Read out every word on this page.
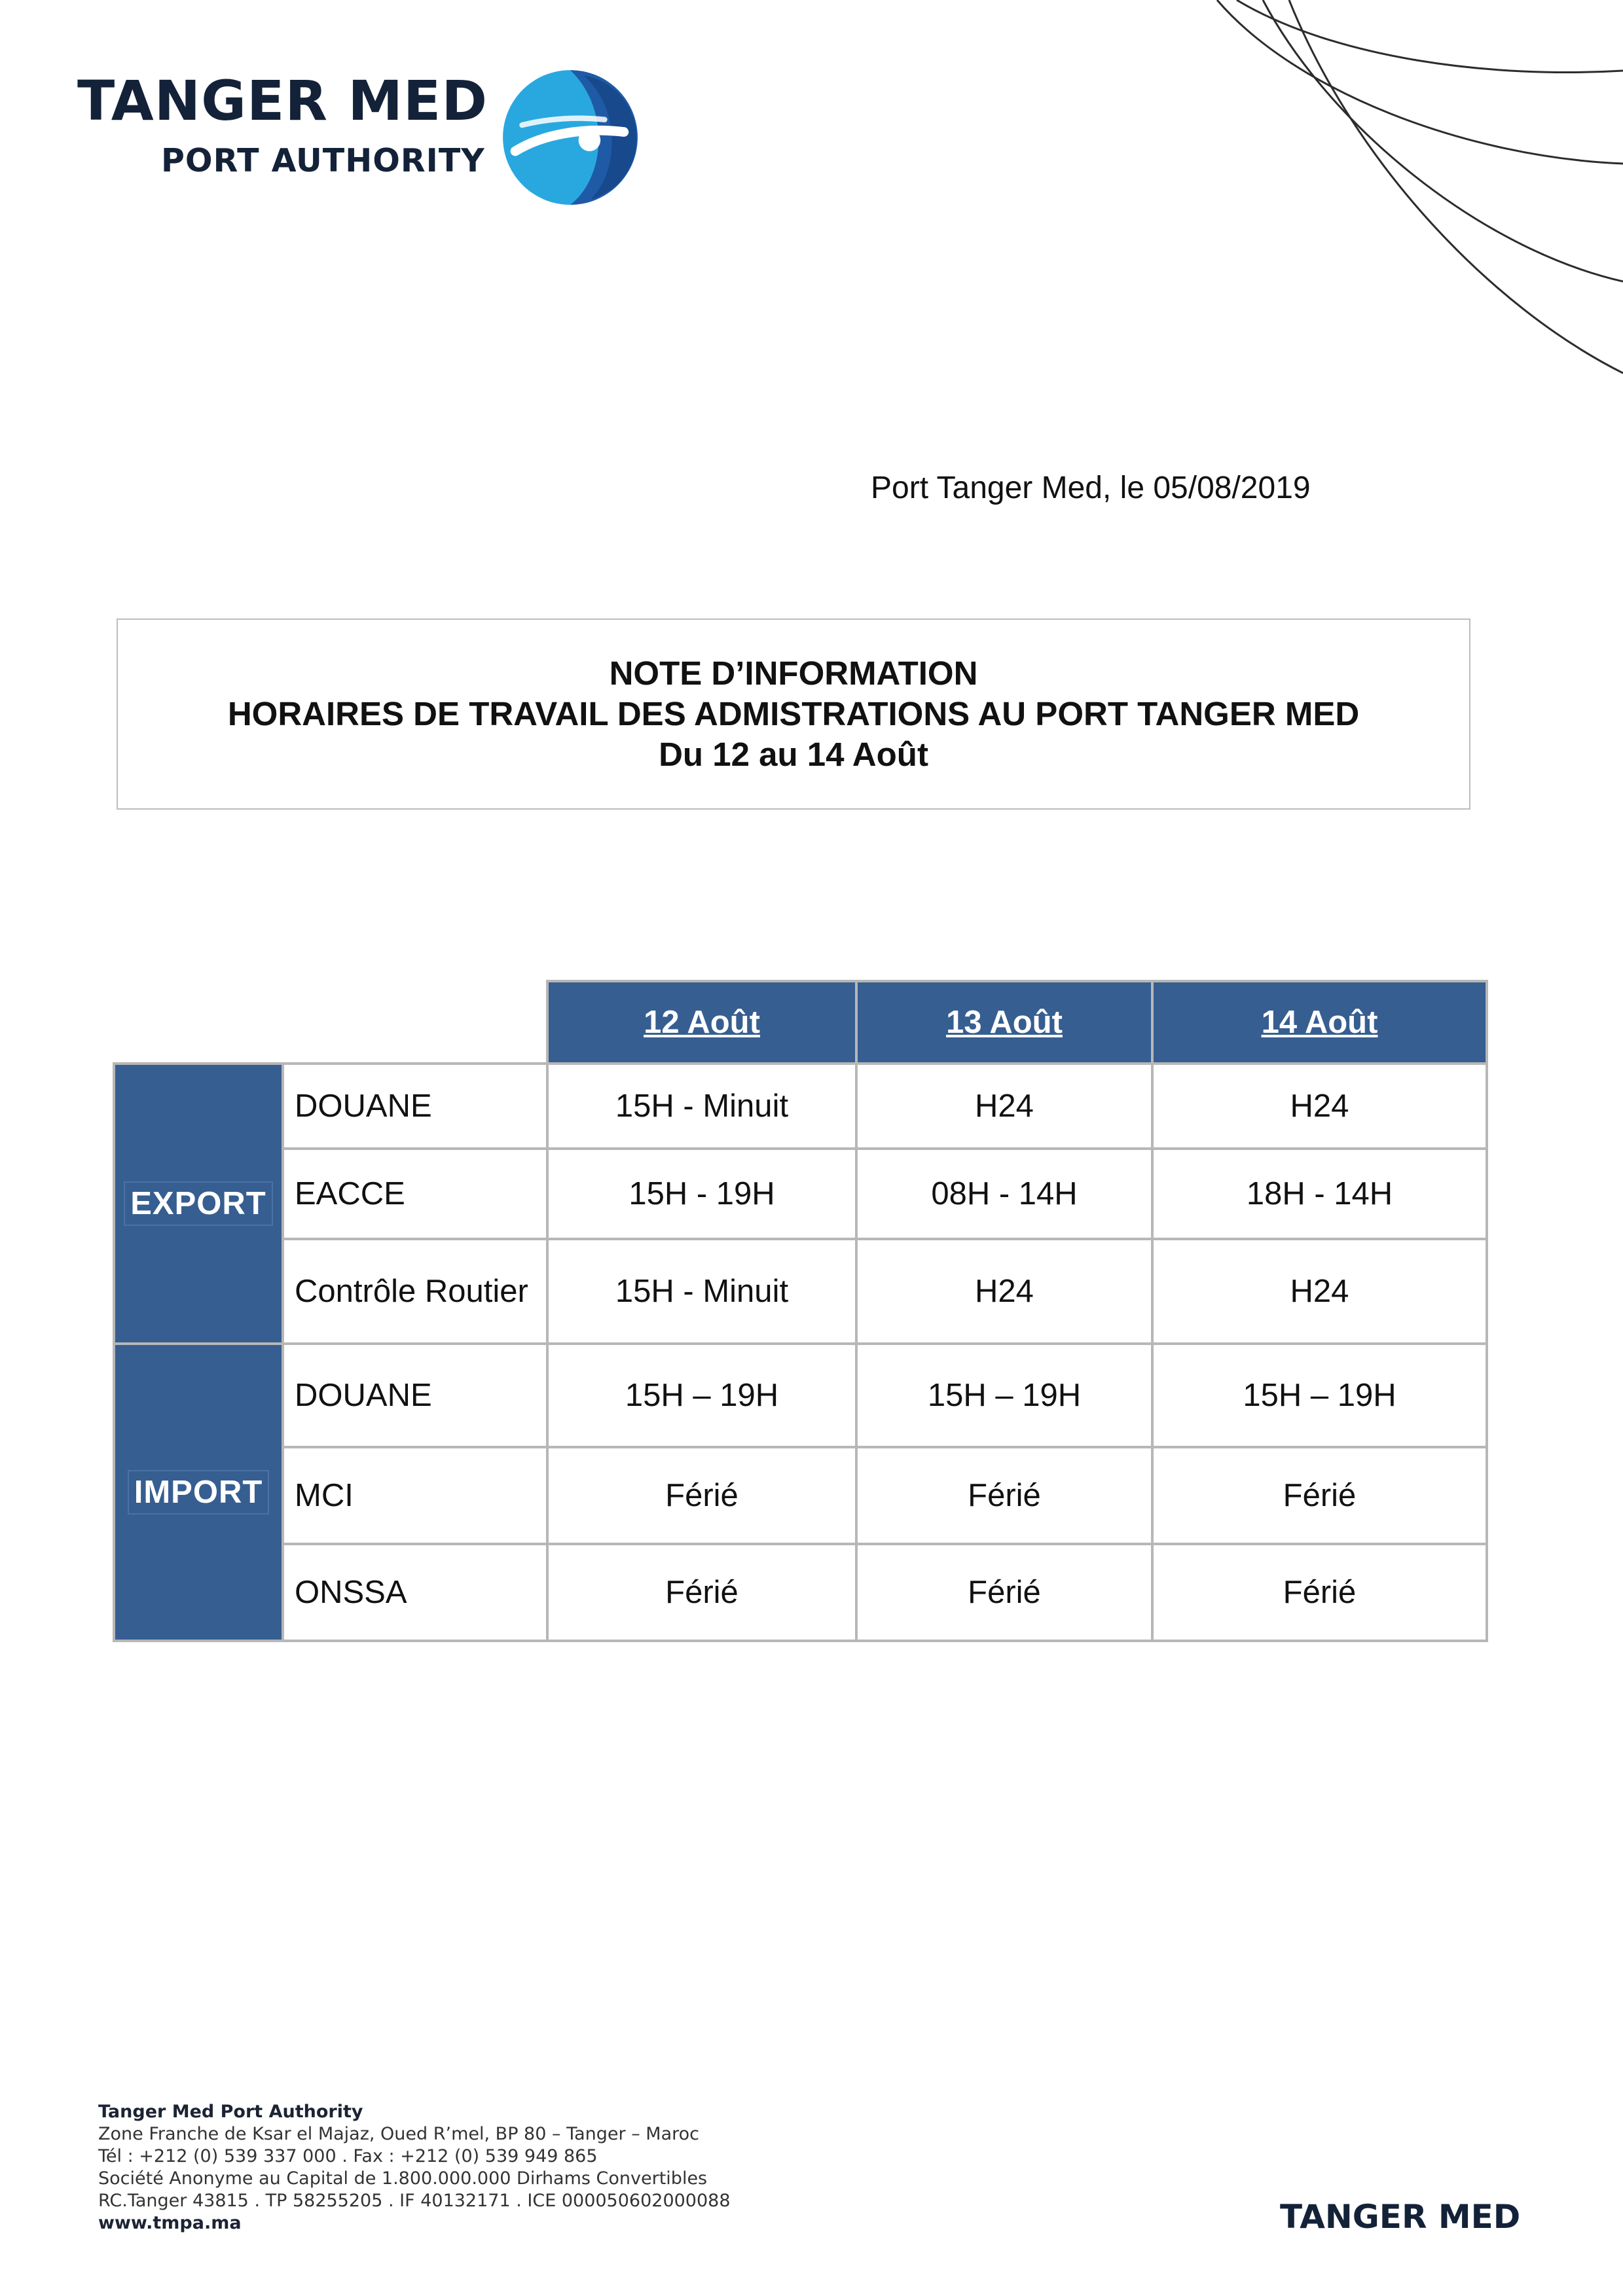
TANGER MED
PORT AUTHORITY
Port Tanger Med, le 05/08/2019
NOTE D’INFORMATION
HORAIRES DE TRAVAIL DES ADMISTRATIONS AU PORT TANGER MED
Du 12 au 14 Août
		12 Août	13 Août	14 Août
EXPORT	DOUANE	15H - Minuit	H24	H24
	EACCE	15H - 19H	08H - 14H	18H - 14H
	Contrôle Routier	15H - Minuit	H24	H24
IMPORT	DOUANE	15H – 19H	15H – 19H	15H – 19H
	MCI	Férié	Férié	Férié
	ONSSA	Férié	Férié	Férié
Tanger Med Port Authority
Zone Franche de Ksar el Majaz, Oued R’mel, BP 80 – Tanger – Maroc
Tél : +212 (0) 539 337 000 . Fax : +212 (0) 539 949 865
Société Anonyme au Capital de 1.800.000.000 Dirhams Convertibles
RC.Tanger 43815 . TP 58255205 . IF 40132171 . ICE 000050602000088
www.tmpa.ma	TANGER MED
